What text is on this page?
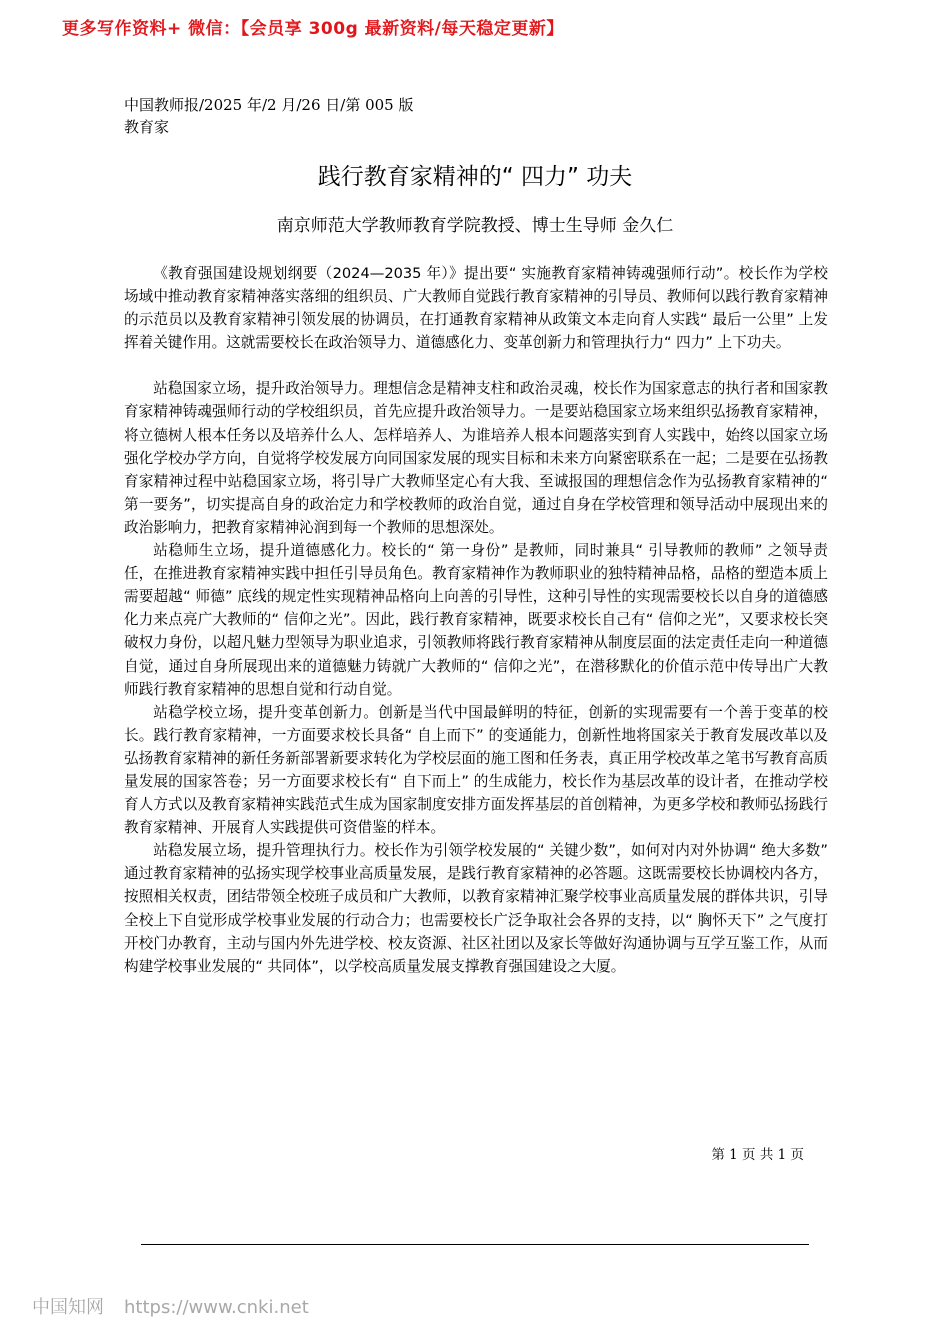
更多写作资料+ 微信：【会员享 300g 最新资料/每天稳定更新】
中国教师报/2025 年/2 月/26 日/第 005 版教育家
践行教育家精神的“ 四力” 功夫
南京师范大学教师教育学院教授、博士生导师 金久仁

《教育强国建设规划纲要（2024—2035 年）》提出要“ 实施教育家精神铸魂强师行动”。校长作为学校场域中推动教育家精神落实落细的组织员、广大教师自觉践行教育家精神的引导员、教师何以践行教育家精神的示范员以及教育家精神引领发展的协调员，在打通教育家精神从政策文本走向育人实践“ 最后一公里” 上发挥着关键作用。这就需要校长在政治领导力、道德感化力、变革创新力和管理执行力“ 四力” 上下功夫。

站稳国家立场，提升政治领导力。理想信念是精神支柱和政治灵魂，校长作为国家意志的执行者和国家教育家精神铸魂强师行动的学校组织员，首先应提升政治领导力。一是要站稳国家立场来组织弘扬教育家精神，将立德树人根本任务以及培养什么人、怎样培养人、为谁培养人根本问题落实到育人实践中，始终以国家立场强化学校办学方向，自觉将学校发展方向同国家发展的现实目标和未来方向紧密联系在一起；二是要在弘扬教育家精神过程中站稳国家立场，将引导广大教师坚定心有大我、至诚报国的理想信念作为弘扬教育家精神的“ 第一要务”，切实提高自身的政治定力和学校教师的政治自觉，通过自身在学校管理和领导活动中展现出来的政治影响力，把教育家精神沁润到每一个教师的思想深处。

站稳师生立场，提升道德感化力。校长的“ 第一身份” 是教师，同时兼具“ 引导教师的教师” 之领导责任，在推进教育家精神实践中担任引导员角色。教育家精神作为教师职业的独特精神品格，品格的塑造本质上需要超越“ 师德” 底线的规定性实现精神品格向上向善的引导性，这种引导性的实现需要校长以自身的道德感化力来点亮广大教师的“ 信仰之光”。因此，践行教育家精神，既要求校长自己有“ 信仰之光”，又要求校长突破权力身份，以超凡魅力型领导为职业追求，引领教师将践行教育家精神从制度层面的法定责任走向一种道德自觉，通过自身所展现出来的道德魅力铸就广大教师的“ 信仰之光”，在潜移默化的价值示范中传导出广大教师践行教育家精神的思想自觉和行动自觉。

站稳学校立场，提升变革创新力。创新是当代中国最鲜明的特征，创新的实现需要有一个善于变革的校长。践行教育家精神，一方面要求校长具备“ 自上而下” 的变通能力，创新性地将国家关于教育发展改革以及弘扬教育家精神的新任务新部署新要求转化为学校层面的施工图和任务表，真正用学校改革之笔书写教育高质量发展的国家答卷；另一方面要求校长有“ 自下而上” 的生成能力，校长作为基层改革的设计者，在推动学校育人方式以及教育家精神实践范式生成为国家制度安排方面发挥基层的首创精神，为更多学校和教师弘扬践行教育家精神、开展育人实践提供可资借鉴的样本。

站稳发展立场，提升管理执行力。校长作为引领学校发展的“ 关键少数”，如何对内对外协调“ 绝大多数” 通过教育家精神的弘扬实现学校事业高质量发展，是践行教育家精神的必答题。这既需要校长协调校内各方，按照相关权责，团结带领全校班子成员和广大教师，以教育家精神汇聚学校事业高质量发展的群体共识，引导全校上下自觉形成学校事业发展的行动合力；也需要校长广泛争取社会各界的支持，以“ 胸怀天下” 之气度打开校门办教育，主动与国内外先进学校、校友资源、社区社团以及家长等做好沟通协调与互学互鉴工作，从而构建学校事业发展的“ 共同体”，以学校高质量发展支撑教育强国建设之大厦。

第 1 页 共 1 页
中国知网 https://www.cnki.net
